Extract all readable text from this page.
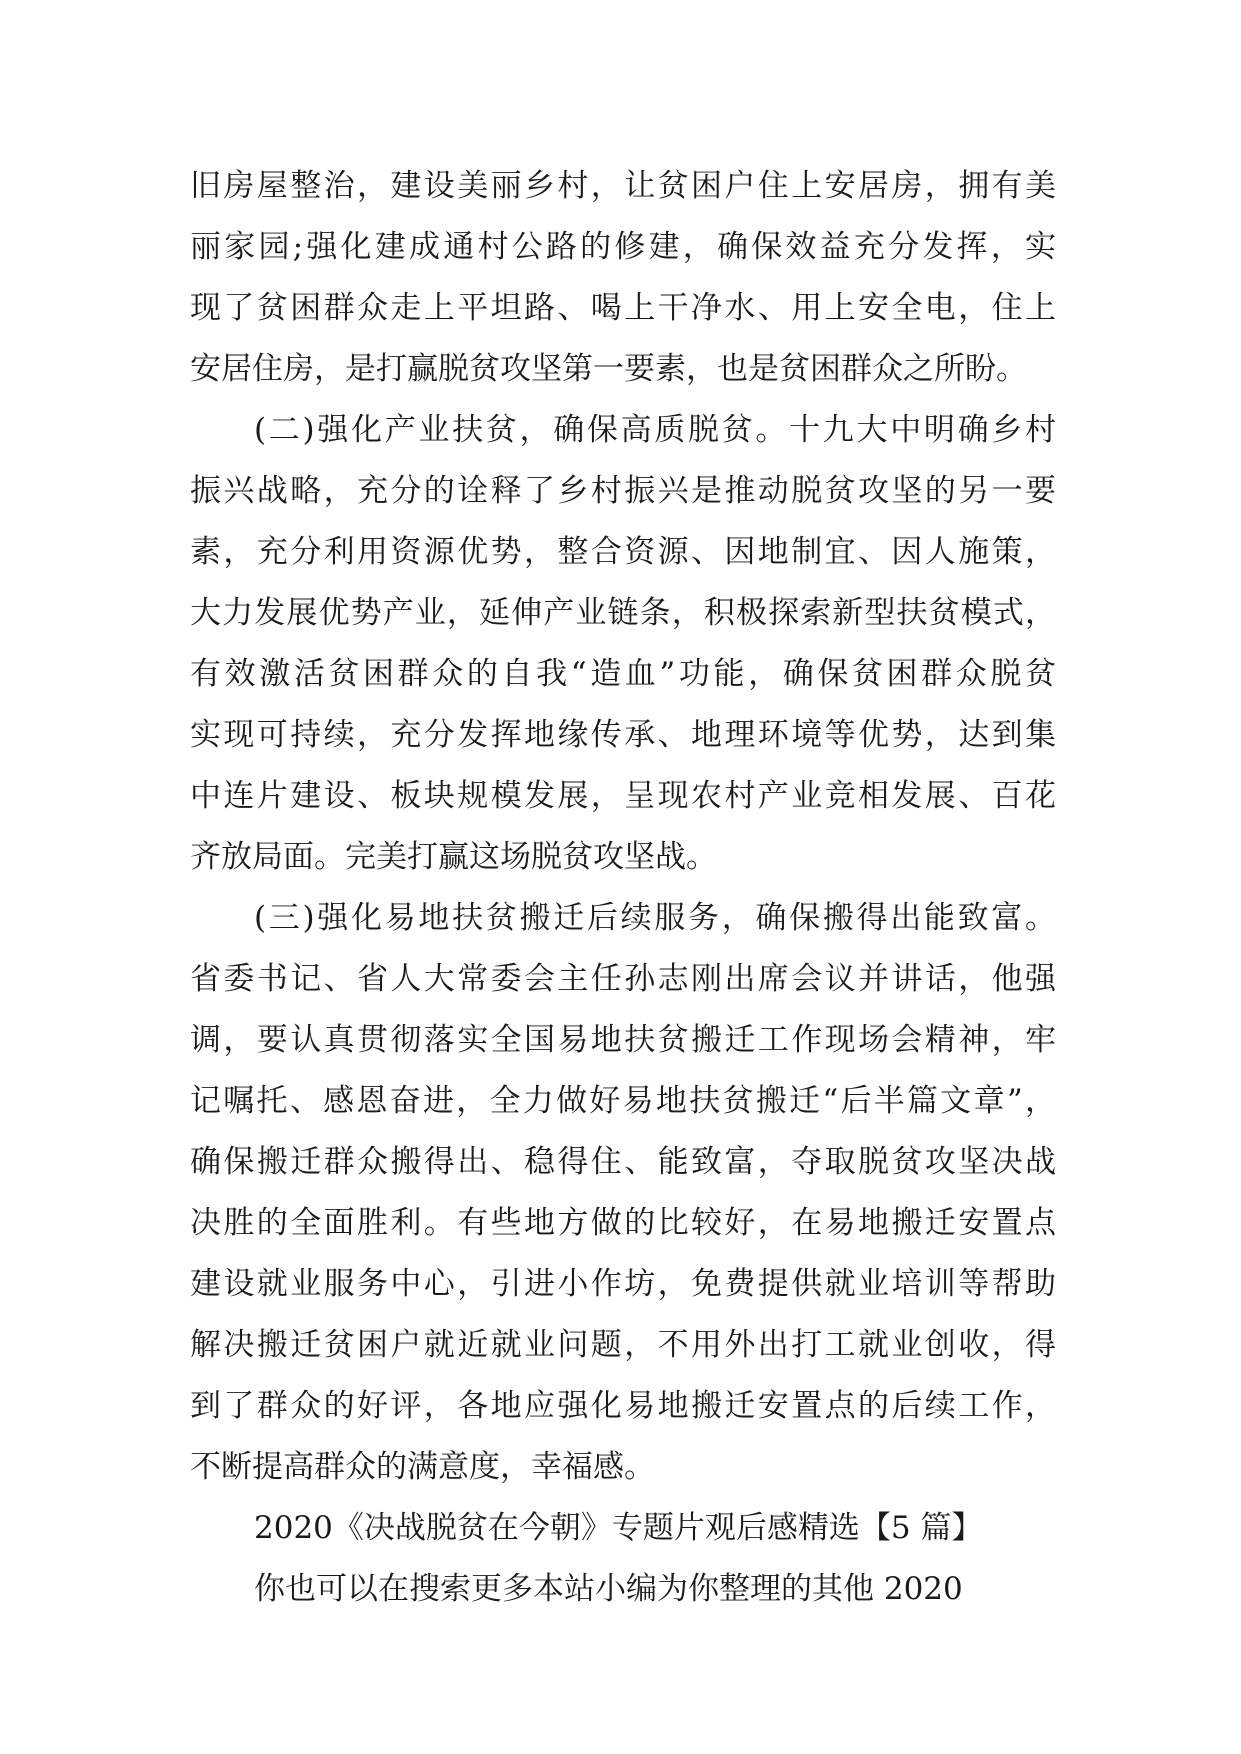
旧房屋整治，建设美丽乡村，让贫困户住上安居房，拥有美
丽家园;强化建成通村公路的修建，确保效益充分发挥，实
现了贫困群众走上平坦路、喝上干净水、用上安全电，住上
安居住房，是打赢脱贫攻坚第一要素，也是贫困群众之所盼。
(二)强化产业扶贫，确保高质脱贫。十九大中明确乡村
振兴战略，充分的诠释了乡村振兴是推动脱贫攻坚的另一要
素，充分利用资源优势，整合资源、因地制宜、因人施策，
大力发展优势产业，延伸产业链条，积极探索新型扶贫模式，
有效激活贫困群众的自我“造血”功能，确保贫困群众脱贫
实现可持续，充分发挥地缘传承、地理环境等优势，达到集
中连片建设、板块规模发展，呈现农村产业竞相发展、百花
齐放局面。完美打赢这场脱贫攻坚战。
(三)强化易地扶贫搬迁后续服务，确保搬得出能致富。
省委书记、省人大常委会主任孙志刚出席会议并讲话，他强
调，要认真贯彻落实全国易地扶贫搬迁工作现场会精神，牢
记嘱托、感恩奋进，全力做好易地扶贫搬迁“后半篇文章”，
确保搬迁群众搬得出、稳得住、能致富，夺取脱贫攻坚决战
决胜的全面胜利。有些地方做的比较好，在易地搬迁安置点
建设就业服务中心，引进小作坊，免费提供就业培训等帮助
解决搬迁贫困户就近就业问题，不用外出打工就业创收，得
到了群众的好评，各地应强化易地搬迁安置点的后续工作，
不断提高群众的满意度，幸福感。
2020《决战脱贫在今朝》专题片观后感精选【5 篇】
你也可以在搜索更多本站小编为你整理的其他 2020
